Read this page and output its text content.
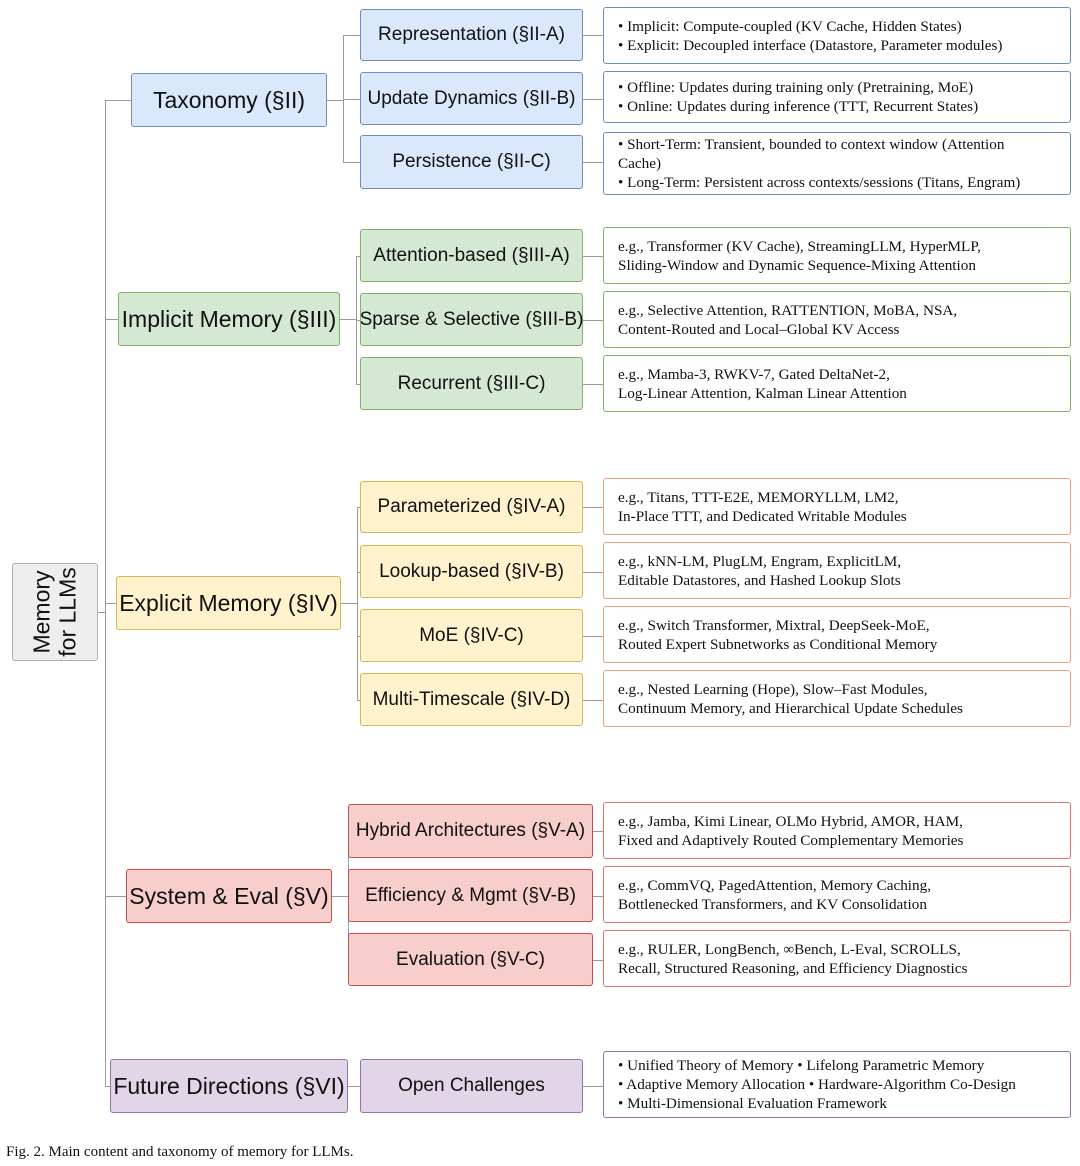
Memory for LLMs
Taxonomy (§II)
Representation (§II-A)	• Implicit: Compute-coupled (KV Cache, Hidden States)
• Explicit: Decoupled interface (Datastore, Parameter modules)
Update Dynamics (§II-B)	• Offline: Updates during training only (Pretraining, MoE)
• Online: Updates during inference (TTT, Recurrent States)
Persistence (§II-C)
• Short-Term: Transient, bounded to context window (Attention
Cache)
• Long-Term: Persistent across contexts/sessions (Titans, Engram)
Implicit Memory (§III)
Attention-based (§III-A)	e.g., Transformer (KV Cache), StreamingLLM, HyperMLP,
Sliding-Window and Dynamic Sequence-Mixing Attention
Sparse & Selective (§III-B) e.g., Selective Attention, RATTENTION, MoBA, NSA,
Content-Routed and Local–Global KV Access
Recurrent (§III-C)	e.g., Mamba-3, RWKV-7, Gated DeltaNet-2,
Log-Linear Attention, Kalman Linear Attention
Explicit Memory (§IV)
Parameterized (§IV-A)	e.g., Titans, TTT-E2E, MEMORYLLM, LM2,
In-Place TTT, and Dedicated Writable Modules
Lookup-based (§IV-B)	e.g., kNN-LM, PlugLM, Engram, ExplicitLM,
Editable Datastores, and Hashed Lookup Slots
MoE (§IV-C)	e.g., Switch Transformer, Mixtral, DeepSeek-MoE,
Routed Expert Subnetworks as Conditional Memory
Multi-Timescale (§IV-D)	e.g., Nested Learning (Hope), Slow–Fast Modules,
Continuum Memory, and Hierarchical Update Schedules
System & Eval (§V)
Hybrid Architectures (§V-A)	e.g., Jamba, Kimi Linear, OLMo Hybrid, AMOR, HAM,
Fixed and Adaptively Routed Complementary Memories
Efficiency & Mgmt (§V-B)	e.g., CommVQ, PagedAttention, Memory Caching,
Bottlenecked Transformers, and KV Consolidation
Evaluation (§V-C)	e.g., RULER, LongBench, ∞Bench, L-Eval, SCROLLS,
Recall, Structured Reasoning, and Efficiency Diagnostics
Future Directions (§VI)	Open Challenges
• Unified Theory of Memory • Lifelong Parametric Memory
• Adaptive Memory Allocation • Hardware-Algorithm Co-Design
• Multi-Dimensional Evaluation Framework
Fig. 2. Main content and taxonomy of memory for LLMs.
